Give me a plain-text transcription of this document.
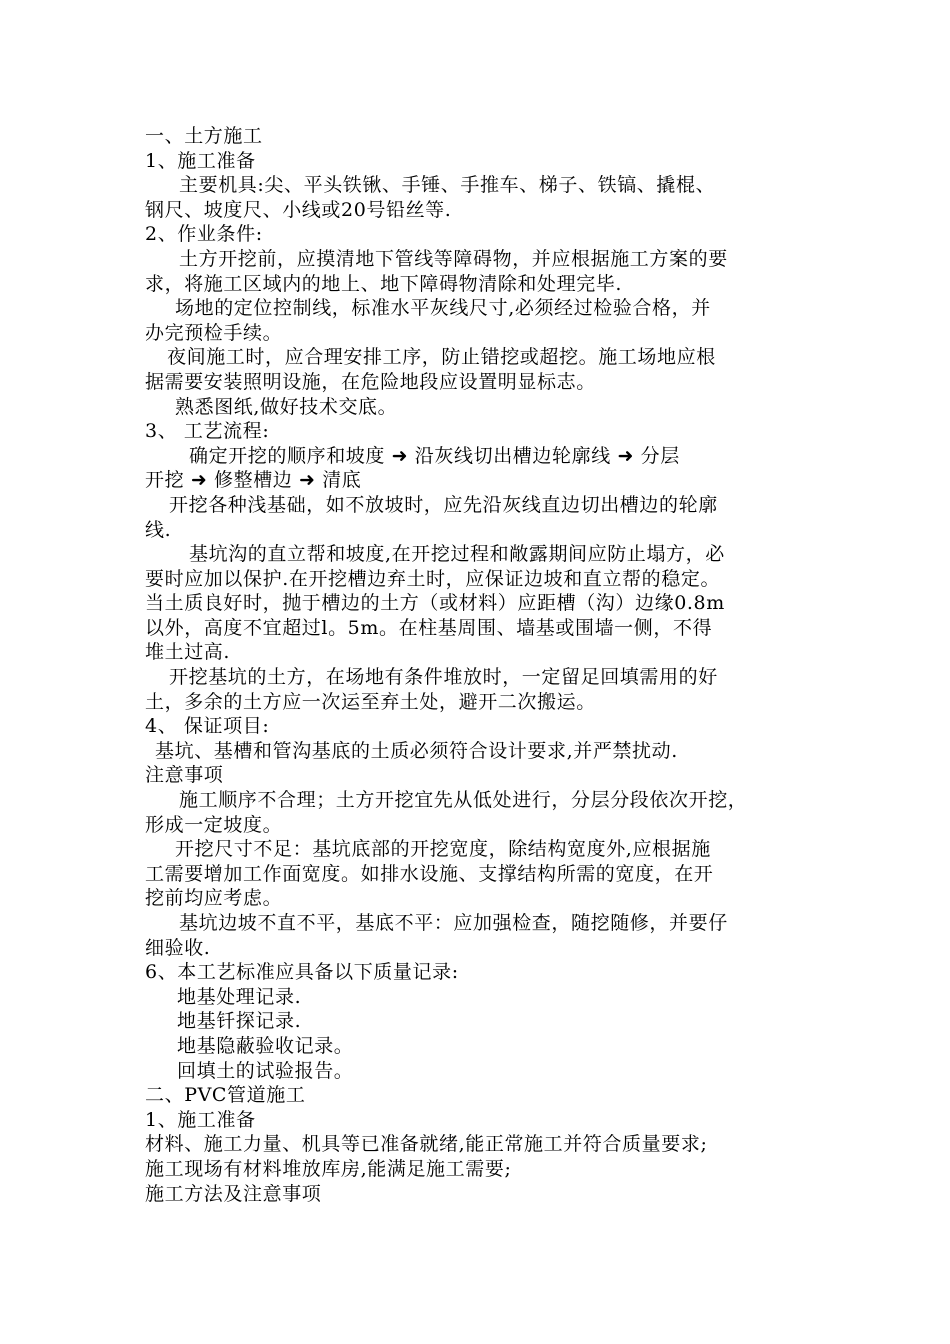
一、土方施工
1、施工准备
主要机具:尖、平头铁锹、手锤、手推车、梯子、铁镐、撬棍、
钢尺、坡度尺、小线或20号铅丝等.
2、作业条件:
土方开挖前，应摸清地下管线等障碍物，并应根据施工方案的要
求，将施工区域内的地上、地下障碍物清除和处理完毕.
场地的定位控制线，标准水平灰线尺寸,必须经过检验合格，并
办完预检手续。
夜间施工时，应合理安排工序，防止错挖或超挖。施工场地应根
据需要安装照明设施，在危险地段应设置明显标志。
熟悉图纸,做好技术交底。
3、 工艺流程:
确定开挖的顺序和坡度 ➜ 沿灰线切出槽边轮廓线 ➜ 分层
开挖 ➜ 修整槽边 ➜ 清底
开挖各种浅基础，如不放坡时，应先沿灰线直边切出槽边的轮廓
线.
基坑沟的直立帮和坡度,在开挖过程和敞露期间应防止塌方，必
要时应加以保护.在开挖槽边弃土时，应保证边坡和直立帮的稳定。
当土质良好时，抛于槽边的土方（或材料）应距槽（沟）边缘0.8m
以外，高度不宜超过l。5m。在柱基周围、墙基或围墙一侧，不得
堆土过高.
开挖基坑的土方，在场地有条件堆放时，一定留足回填需用的好
土，多余的土方应一次运至弃土处，避开二次搬运。
4、 保证项目:
基坑、基槽和管沟基底的土质必须符合设计要求,并严禁扰动.
注意事项
施工顺序不合理；土方开挖宜先从低处进行，分层分段依次开挖，
形成一定坡度。
开挖尺寸不足：基坑底部的开挖宽度，除结构宽度外,应根据施
工需要增加工作面宽度。如排水设施、支撑结构所需的宽度，在开
挖前均应考虑。
基坑边坡不直不平，基底不平：应加强检查，随挖随修，并要仔
细验收.
6、本工艺标准应具备以下质量记录:
地基处理记录.
地基钎探记录.
地基隐蔽验收记录。
回填土的试验报告。
二、PVC管道施工
1、施工准备
材料、施工力量、机具等已准备就绪,能正常施工并符合质量要求;
施工现场有材料堆放库房,能满足施工需要;
施工方法及注意事项
